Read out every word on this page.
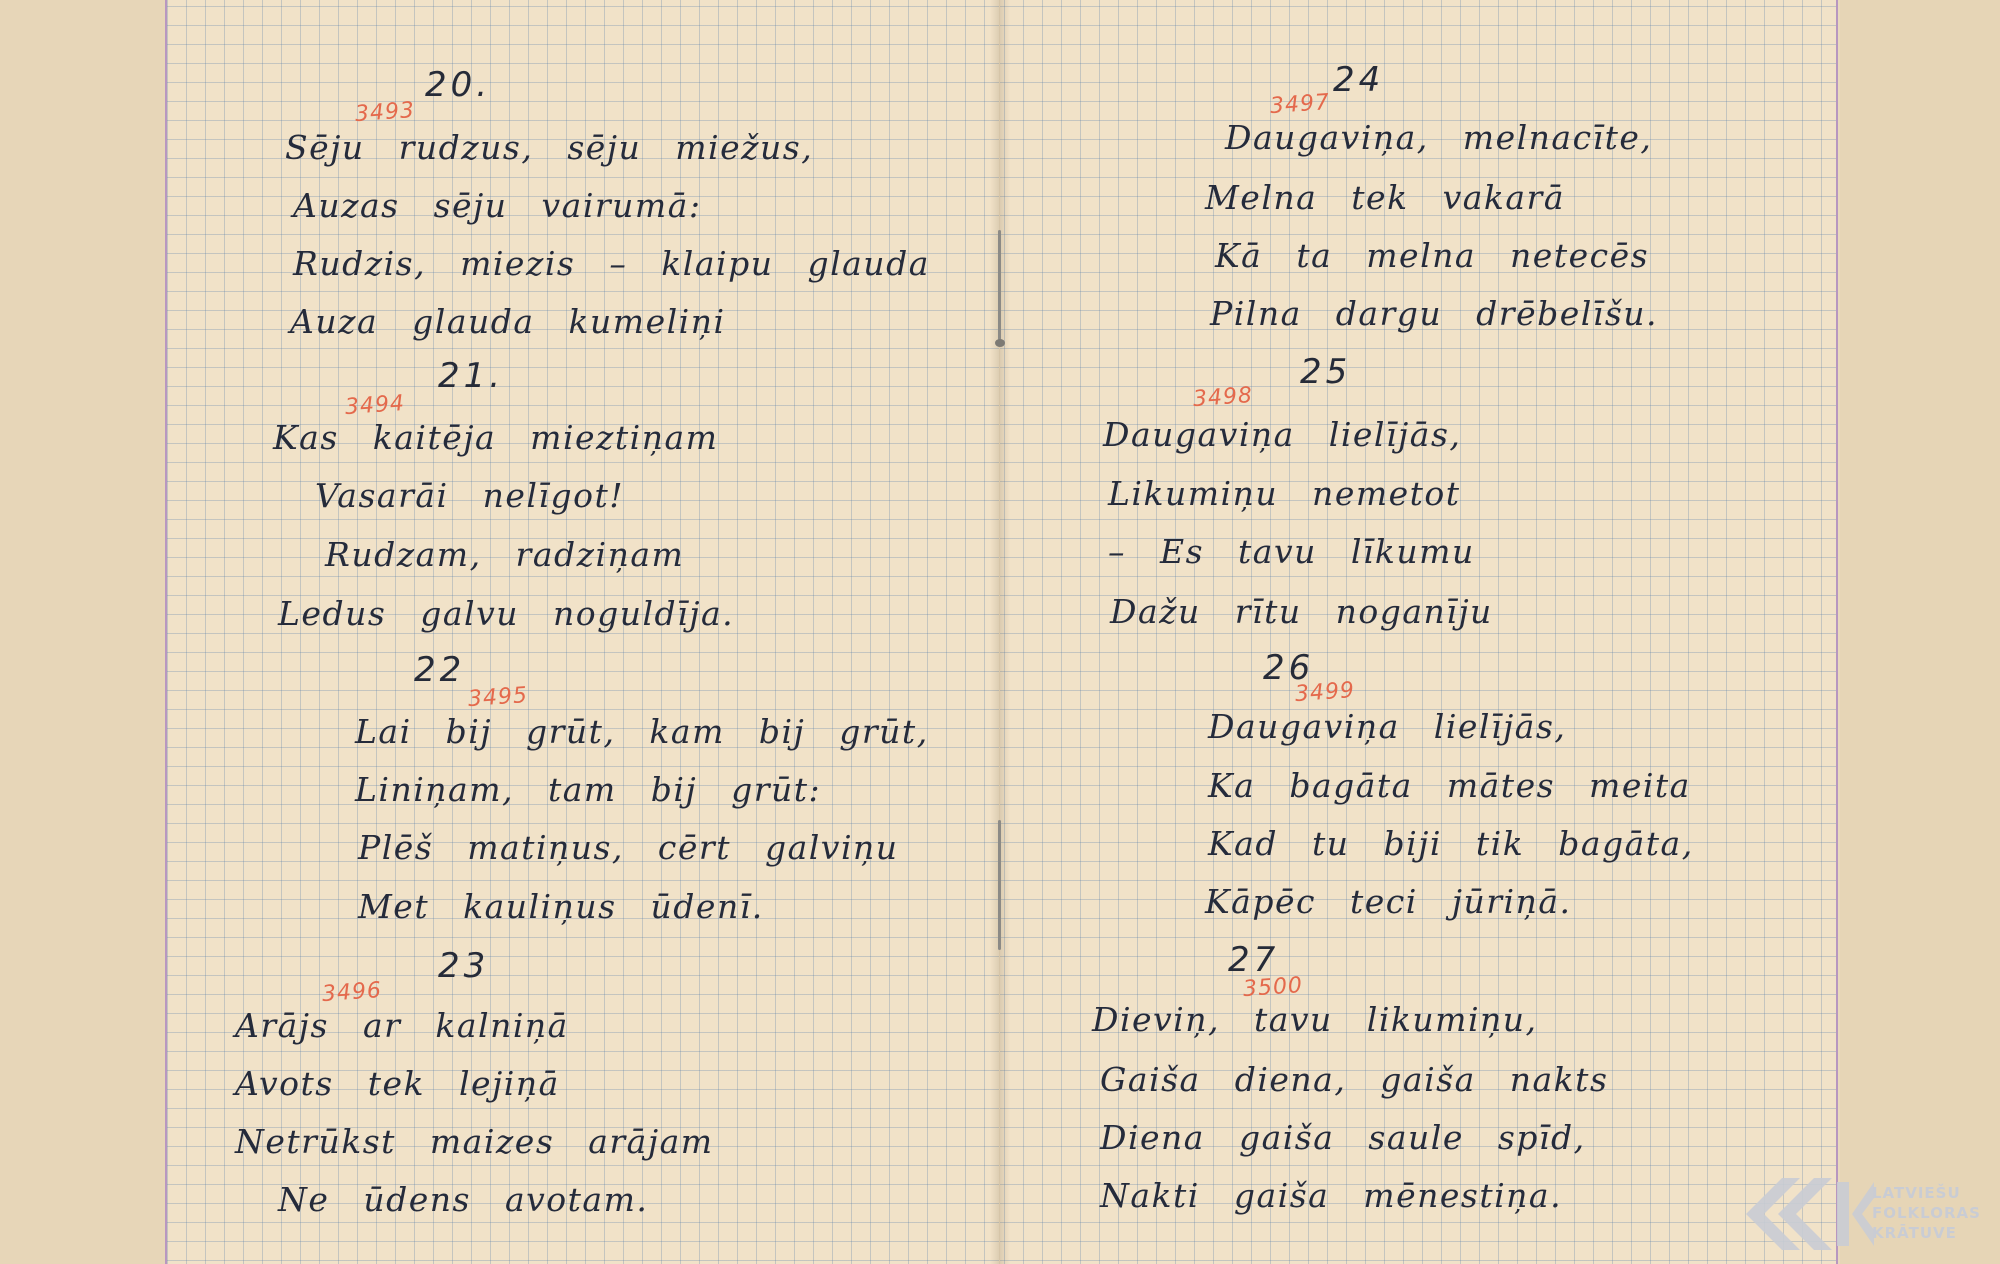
20.
3493
Sēju rudzus, sēju miežus,
Auzas sēju vairumā:
Rudzis, miezis – klaipu glauda
Auza glauda kumeliņi
21.
3494
Kas kaitēja mieztiņam
Vasarāi nelīgot!
Rudzam, radziņam
Ledus galvu noguldīja.
22
3495
Lai bij grūt, kam bij grūt,
Liniņam, tam bij grūt:
Plēš matiņus, cērt galviņu
Met kauliņus ūdenī.
23
3496
Arājs ar kalniņā
Avots tek lejiņā
Netrūkst maizes arājam
Ne ūdens avotam.
24
3497
Daugaviņa, melnacīte,
Melna tek vakarā
Kā ta melna netecēs
Pilna dargu drēbelīšu.
25
3498
Daugaviņa lielījās,
Likumiņu nemetot
– Es tavu līkumu
Dažu rītu noganīju
26
3499
Daugaviņa lielījās,
Ka bagāta mātes meita
Kad tu biji tik bagāta,
Kāpēc teci jūriņā.
27
3500
Dieviņ, tavu likumiņu,
Gaiša diena, gaiša nakts
Diena gaiša saule spīd,
Nakti gaiša mēnestiņa.	LATVIEŠU
FOLKLORAS
KRĀTUVE
